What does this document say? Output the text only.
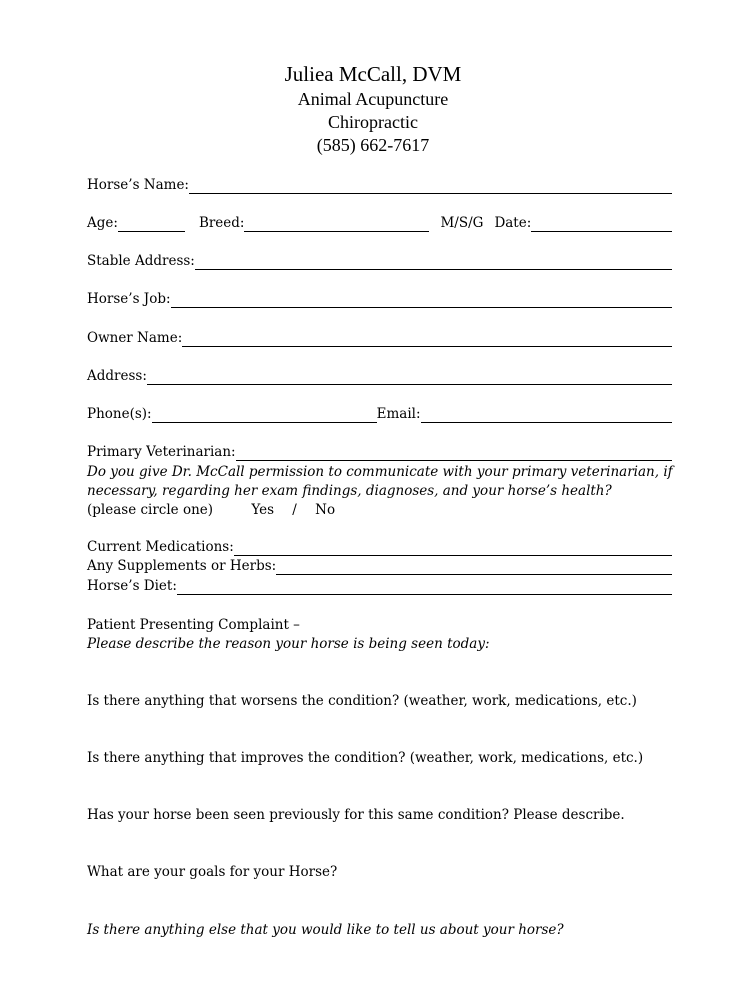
Juliea McCall, DVM
Animal Acupuncture
Chiropractic
(585) 662-7617
Horse’s Name:
Age:	Breed:	M/S/G Date:
Stable Address:
Horse’s Job:
Owner Name:
Address:
Phone(s):	Email:
Primary Veterinarian:
Do you give Dr. McCall permission to communicate with your primary veterinarian, if necessary, regarding her exam findings, diagnoses, and your horse’s health?
(please circle one)	Yes / No
Current Medications:
Any Supplements or Herbs:
Horse’s Diet:
Patient Presenting Complaint –
Please describe the reason your horse is being seen today:
Is there anything that worsens the condition? (weather, work, medications, etc.)
Is there anything that improves the condition? (weather, work, medications, etc.)
Has your horse been seen previously for this same condition? Please describe.
What are your goals for your Horse?
Is there anything else that you would like to tell us about your horse?
